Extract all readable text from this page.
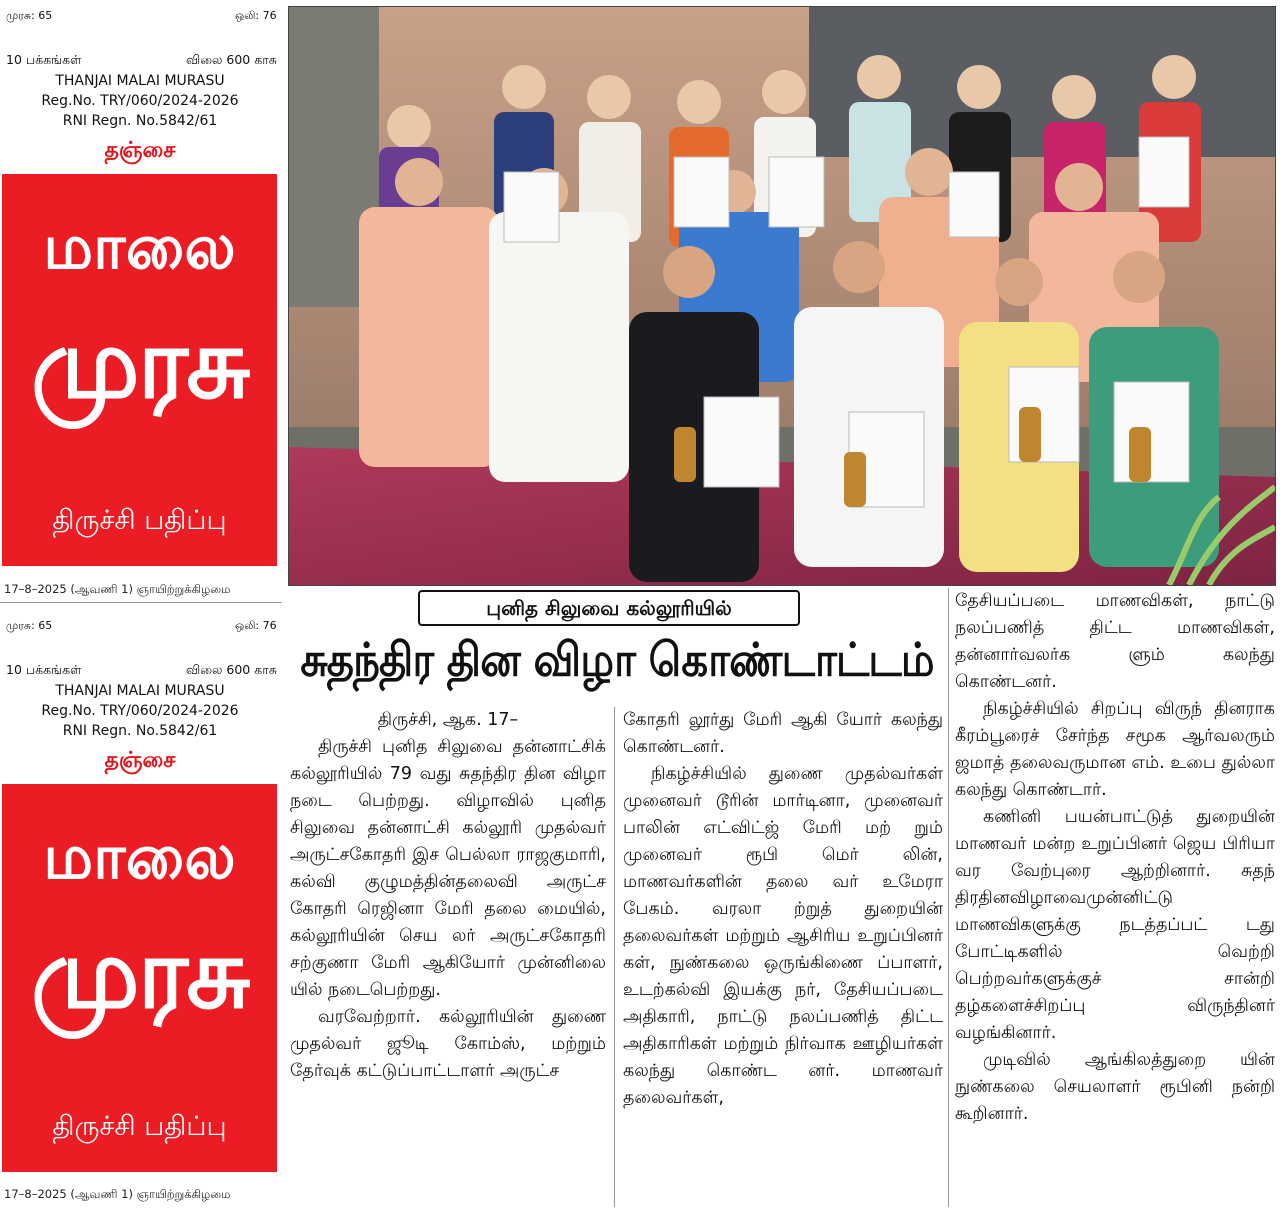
முரசு: 65	ஒலி: 76
10 பக்கங்கள்	விலை 600 காசு
THANJAI MALAI MURASU
Reg.No. TRY/060/2024-2026
RNI Regn. No.5842/61
தஞ்சை
மாலை
முரசு
திருச்சி பதிப்பு
17–8–2025 (ஆவணி 1) ஞாயிற்றுக்கிழமை
முரசு: 65	ஒலி: 76
10 பக்கங்கள்	விலை 600 காசு
THANJAI MALAI MURASU
Reg.No. TRY/060/2024-2026
RNI Regn. No.5842/61
தஞ்சை
மாலை
முரசு
திருச்சி பதிப்பு
17–8–2025 (ஆவணி 1) ஞாயிற்றுக்கிழமை
புனித சிலுவை கல்லூரியில்
சுதந்திர தின விழா கொண்டாட்டம்

திருச்சி, ஆக. 17–

திருச்சி புனித சிலுவை தன்னாட்சிக் கல்லூரியில் 79 வது சுதந்திர தின விழா நடை பெற்றது. விழாவில் புனித சிலுவை தன்னாட்சி கல்லூரி முதல்வர் அருட்சகோதரி இச பெல்லா ராஜகுமாரி, கல்வி குழுமத்தின்தலைவி அருட்ச கோதரி ரெஜினா மேரி தலை மையில், கல்லூரியின் செய லர் அருட்சகோதரி சற்குணா மேரி ஆகியோர் முன்னிலை யில் நடைபெற்றது.

வரவேற்றார். கல்லூரியின் துணை முதல்வர் ஜூடி கோம்ஸ், மற்றும் தேர்வுக் கட்டுப்பாட்டாளர் அருட்ச

கோதரி லூர்து மேரி ஆகி யோர் கலந்து கொண்டனர்.

நிகழ்ச்சியில் துணை முதல்வர்கள் முனைவர் டூரின் மார்டினா, முனைவர் பாலின் எட்விட்ஜ் மேரி மற் றும் முனைவர் ரூபி மெர் லின், மாணவர்களின் தலை வர் உமேரா பேகம். வரலா ற்றுத் துறையின் தலைவர்கள் மற்றும் ஆசிரிய உறுப்பினர் கள், நுண்கலை ஒருங்கிணை ப்பாளர், உடற்கல்வி இயக்கு நர், தேசியப்படை அதிகாரி, நாட்டு நலப்பணித் திட்ட அதிகாரிகள் மற்றும் நிர்வாக ஊழியர்கள் கலந்து கொண்ட னர். மாணவர் தலைவர்கள்,

தேசியப்படை மாணவிகள், நாட்டு நலப்பணித் திட்ட மாணவிகள், தன்னார்வலர்க ளும் கலந்து கொண்டனர்.

நிகழ்ச்சியில் சிறப்பு விருந் தினராக கீரம்பூரைச் சேர்ந்த சமூக ஆர்வலரும் ஜமாத் தலைவருமான எம். உபை துல்லா கலந்து கொண்டார்.

கணினி பயன்பாட்டுத் துறையின் மாணவர் மன்ற உறுப்பினர் ஜெய பிரியா வர வேற்புரை ஆற்றினார். சுதந் திரதினவிழாவைமுன்னிட்டு மாணவிகளுக்கு நடத்தப்பட் டது போட்டிகளில் வெற்றி பெற்றவர்களுக்குச் சான்றி தழ்களைச்சிறப்பு விருந்தினர் வழங்கினார்.

முடிவில் ஆங்கிலத்துறை யின் நுண்கலை செயலாளர் ரூபினி நன்றி கூறினார்.
